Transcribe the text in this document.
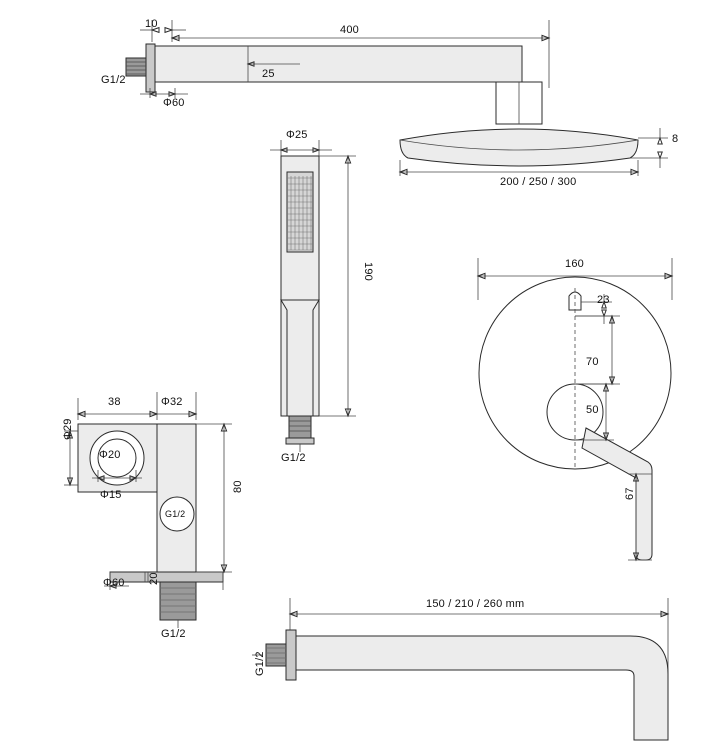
10	400
G1/2	25
Φ60
8
200 / 250 / 300
Φ25
190
G1/2
38	Φ32
Φ29
Φ20
Φ15
G1/2
80
Φ60 20
G1/2
160
23
70
50
67
150 / 210 / 260 mm
G1/2
